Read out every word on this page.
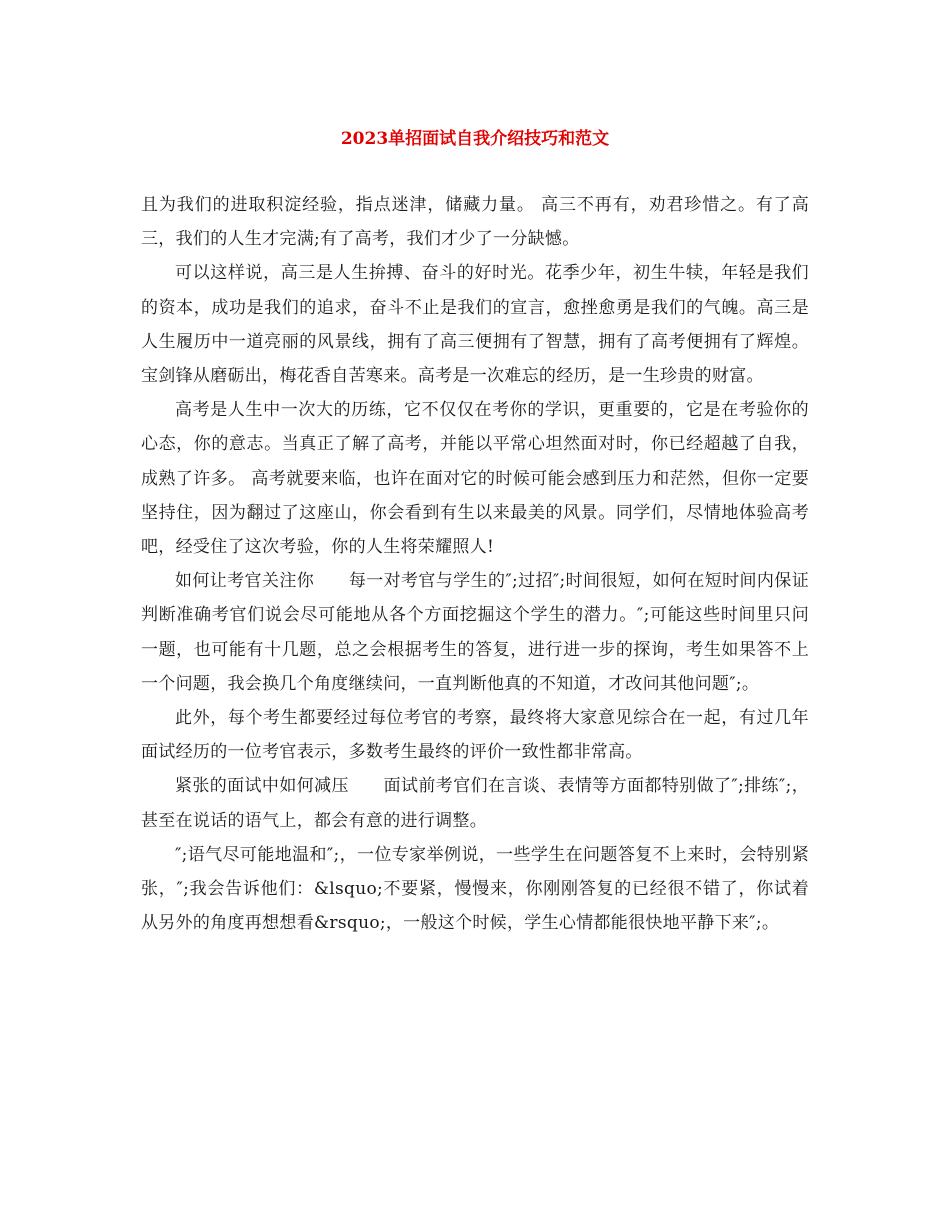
2023单招面试自我介绍技巧和范文

且为我们的进取积淀经验，指点迷津，储藏力量。 高三不再有，劝君珍惜之。有了高三，我们的人生才完满;有了高考，我们才少了一分缺憾。

可以这样说，高三是人生拚搏、奋斗的好时光。花季少年，初生牛犊，年轻是我们的资本，成功是我们的追求，奋斗不止是我们的宣言，愈挫愈勇是我们的气魄。高三是人生履历中一道亮丽的风景线，拥有了高三便拥有了智慧，拥有了高考便拥有了辉煌。 宝剑锋从磨砺出，梅花香自苦寒来。高考是一次难忘的经历，是一生珍贵的财富。

高考是人生中一次大的历练，它不仅仅在考你的学识，更重要的，它是在考验你的心态，你的意志。当真正了解了高考，并能以平常心坦然面对时，你已经超越了自我，成熟了许多。 高考就要来临，也许在面对它的时候可能会感到压力和茫然，但你一定要坚持住，因为翻过了这座山，你会看到有生以来最美的风景。同学们，尽情地体验高考吧，经受住了这次考验，你的人生将荣耀照人!

如何让考官关注你　　每一对考官与学生的″;过招″;时间很短，如何在短时间内保证判断准确考官们说会尽可能地从各个方面挖掘这个学生的潜力。″;可能这些时间里只问一题，也可能有十几题，总之会根据考生的答复，进行进一步的探询，考生如果答不上一个问题，我会换几个角度继续问，一直判断他真的不知道，才改问其他问题″;。

此外，每个考生都要经过每位考官的考察，最终将大家意见综合在一起，有过几年面试经历的一位考官表示，多数考生最终的评价一致性都非常高。

紧张的面试中如何减压　　面试前考官们在言谈、表情等方面都特别做了″;排练″;，甚至在说话的语气上，都会有意的进行调整。

″;语气尽可能地温和″;，一位专家举例说，一些学生在问题答复不上来时，会特别紧张，″;我会告诉他们：&lsquo;不要紧，慢慢来，你刚刚答复的已经很不错了，你试着从另外的角度再想想看&rsquo;，一般这个时候，学生心情都能很快地平静下来″;。
